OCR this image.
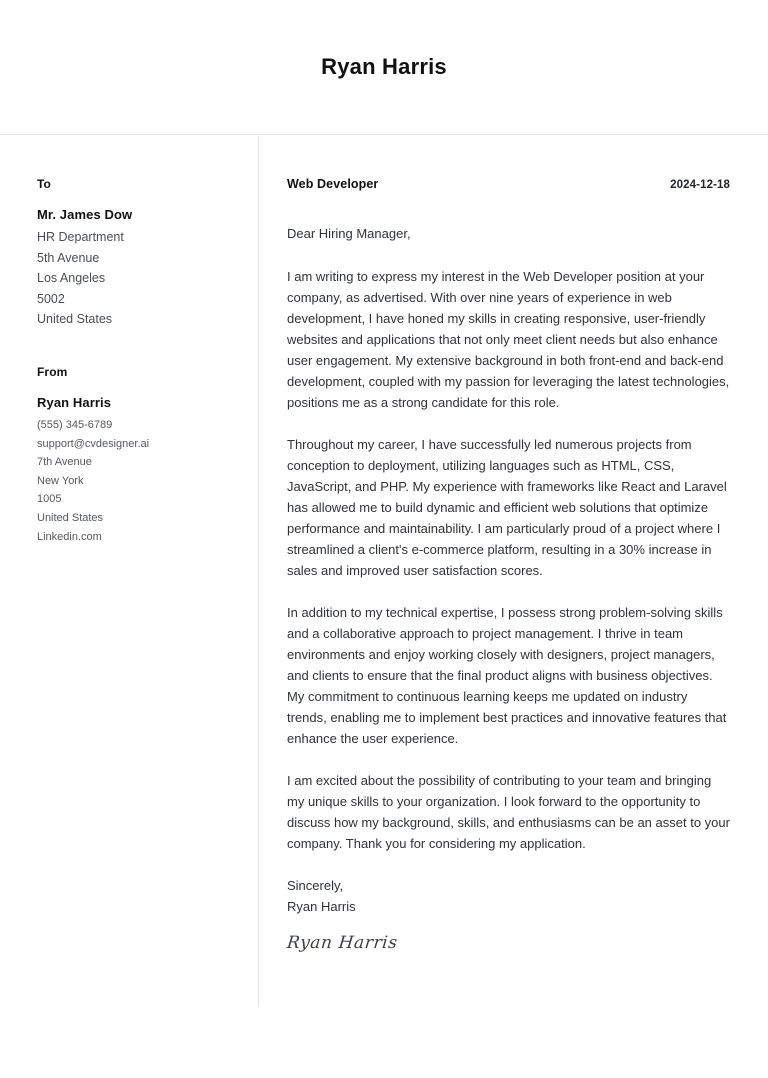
Ryan Harris
To
Mr. James Dow
HR Department
5th Avenue
Los Angeles
5002
United States
From
Ryan Harris
(555) 345-6789
support@cvdesigner.ai
7th Avenue
New York
1005
United States
Linkedin.com
Web Developer	2024-12-18

Dear Hiring Manager,

I am writing to express my interest in the Web Developer position at your company, as advertised. With over nine years of experience in web development, I have honed my skills in creating responsive, user-friendly websites and applications that not only meet client needs but also enhance user engagement. My extensive background in both front-end and back-end development, coupled with my passion for leveraging the latest technologies, positions me as a strong candidate for this role.

Throughout my career, I have successfully led numerous projects from conception to deployment, utilizing languages such as HTML, CSS, JavaScript, and PHP. My experience with frameworks like React and Laravel has allowed me to build dynamic and efficient web solutions that optimize performance and maintainability. I am particularly proud of a project where I streamlined a client's e-commerce platform, resulting in a 30% increase in sales and improved user satisfaction scores.

In addition to my technical expertise, I possess strong problem-solving skills and a collaborative approach to project management. I thrive in team environments and enjoy working closely with designers, project managers, and clients to ensure that the final product aligns with business objectives. My commitment to continuous learning keeps me updated on industry trends, enabling me to implement best practices and innovative features that enhance the user experience.

I am excited about the possibility of contributing to your team and bringing my unique skills to your organization. I look forward to the opportunity to discuss how my background, skills, and enthusiasms can be an asset to your company. Thank you for considering my application.

Sincerely,

Ryan Harris

Ryan Harris
